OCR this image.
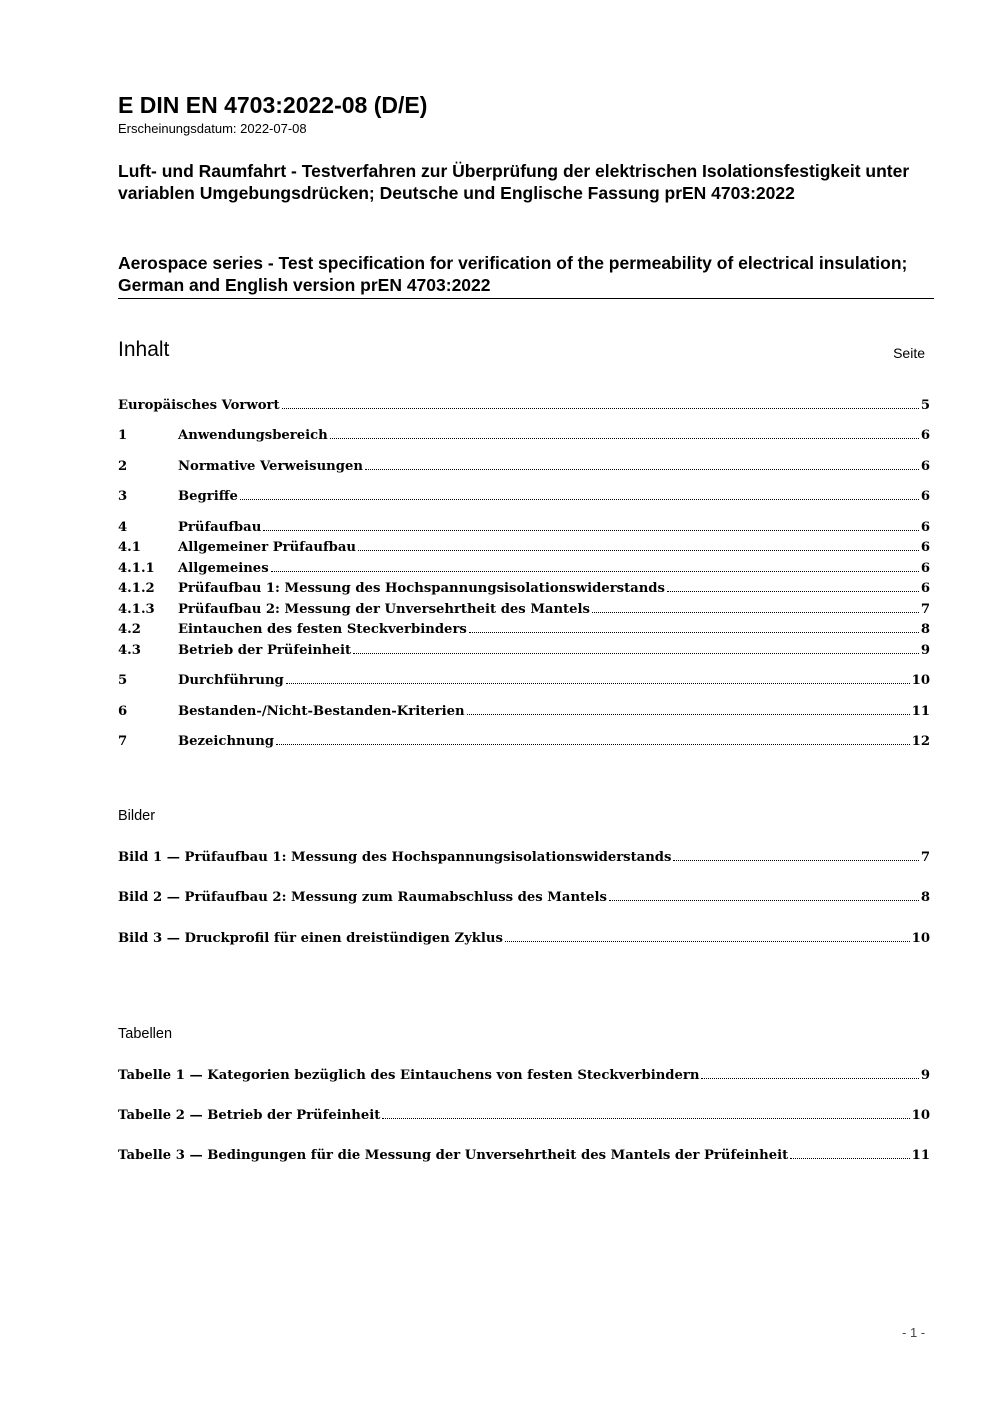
E DIN EN 4703:2022-08 (D/E)
Erscheinungsdatum: 2022-07-08
Luft- und Raumfahrt - Testverfahren zur Überprüfung der elektrischen Isolationsfestigkeit unter variablen Umgebungsdrücken; Deutsche und Englische Fassung prEN 4703:2022
Aerospace series - Test specification for verification of the permeability of electrical insulation; German and English version prEN 4703:2022
Inhalt	Seite
Europäisches Vorwort	5
1	Anwendungsbereich	6
2	Normative Verweisungen	6
3	Begriffe	6
4	Prüfaufbau	6
4.1	Allgemeiner Prüfaufbau	6
4.1.1	Allgemeines	6
4.1.2	Prüfaufbau 1: Messung des Hochspannungsisolationswiderstands	6
4.1.3	Prüfaufbau 2: Messung der Unversehrtheit des Mantels	7
4.2	Eintauchen des festen Steckverbinders	8
4.3	Betrieb der Prüfeinheit	9
5	Durchführung	10
6	Bestanden-/Nicht-Bestanden-Kriterien	11
7	Bezeichnung	12
Bilder
Bild 1 — Prüfaufbau 1: Messung des Hochspannungsisolationswiderstands	7
Bild 2 — Prüfaufbau 2: Messung zum Raumabschluss des Mantels	8
Bild 3 — Druckprofil für einen dreistündigen Zyklus	10
Tabellen
Tabelle 1 — Kategorien bezüglich des Eintauchens von festen Steckverbindern	9
Tabelle 2 — Betrieb der Prüfeinheit	10
Tabelle 3 — Bedingungen für die Messung der Unversehrtheit des Mantels der Prüfeinheit	11
- 1 -
